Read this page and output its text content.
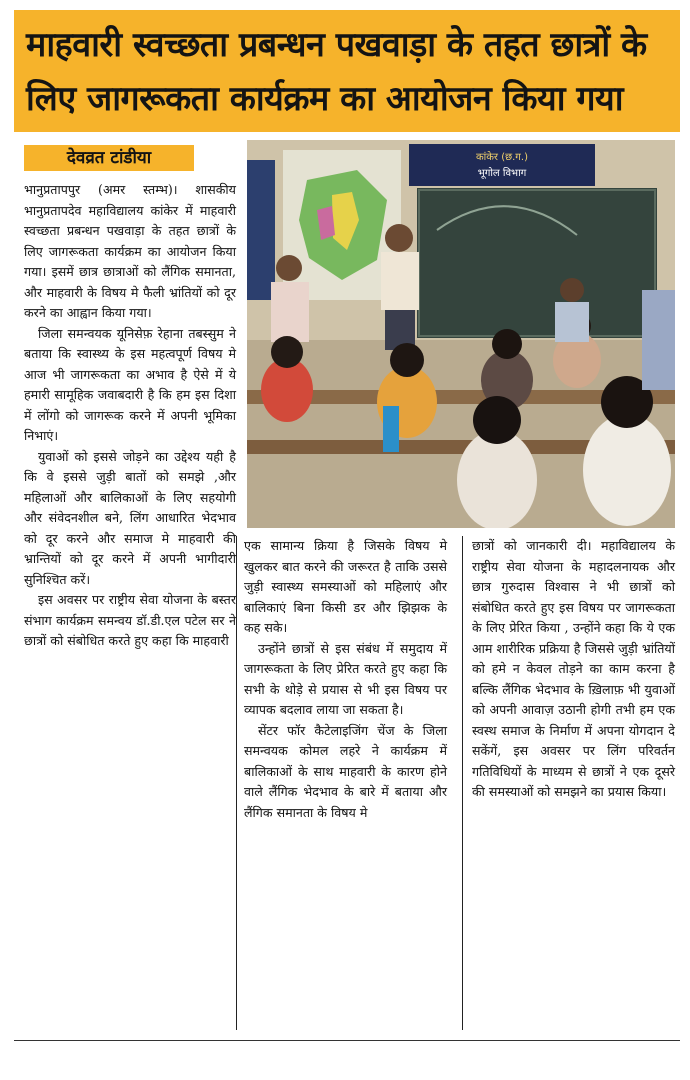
माहवारी स्वच्छता प्रबन्धन पखवाड़ा के तहत छात्रों के लिए जागरूकता कार्यक्रम का आयोजन किया गया
देवव्रत टांडीया	कांकेर (छ.ग.)
भूगोल विभाग

भानुप्रतापपुर (अमर स्तम्भ)। शासकीय भानुप्रतापदेव महाविद्यालय कांकेर में माहवारी स्वच्छता प्रबन्धन पखवाड़ा के तहत छात्रों के लिए जागरूकता कार्यक्रम का आयोजन किया गया। इसमें छात्र छात्राओं को लैंगिक समानता, और माहवारी के विषय मे फैली भ्रांतियों को दूर करने का आह्वान किया गया।

जिला समन्वयक यूनिसेफ़ रेहाना तबस्सुम ने बताया कि स्वास्थ्य के इस महत्वपूर्ण विषय मे आज भी जागरूकता का अभाव है ऐसे में ये हमारी सामूहिक जवाबदारी है कि हम इस दिशा में लोंगो को जागरूक करने में अपनी भूमिका निभाएं।

युवाओं को इससे जोड़ने का उद्देश्य यही है कि वे इससे जुड़ी बातों को समझे ,और महिलाओं और बालिकाओं के लिए सहयोगी और संवेदनशील बने, लिंग आधारित भेदभाव को दूर करने और समाज मे माहवारी की भ्रान्तियों को दूर करने में अपनी भागीदारी सुनिश्चित करें।

इस अवसर पर राष्ट्रीय सेवा योजना के बस्तर संभाग कार्यक्रम समन्वय डॉ.डी.एल पटेल सर ने छात्रों को संबोधित करते हुए कहा कि माहवारी

एक सामान्य क्रिया है जिसके विषय मे खुलकर बात करने की जरूरत है ताकि उससे जुड़ी स्वास्थ्य समस्याओं को महिलाएं और बालिकाएं बिना किसी डर और झिझक के कह सके।

उन्होंने छात्रों से इस संबंध में समुदाय में जागरूकता के लिए प्रेरित करते हुए कहा कि सभी के थोड़े से प्रयास से भी इस विषय पर व्यापक बदलाव लाया जा सकता है।

सेंटर फॉर कैटेलाइजिंग चेंज के जिला समन्वयक कोमल लहरे ने कार्यक्रम में बालिकाओं के साथ माहवारी के कारण होने वाले लैंगिक भेदभाव के बारे में बताया और लैंगिक समानता के विषय मे

छात्रों को जानकारी दी। महाविद्यालय के राष्ट्रीय सेवा योजना के महादलनायक और छात्र गुरुदास विश्वास ने भी छात्रों को संबोधित करते हुए इस विषय पर जागरूकता के लिए प्रेरित किया , उन्होंने कहा कि ये एक आम शारीरिक प्रक्रिया है जिससे जुड़ी भ्रांतियों को हमे न केवल तोड़ने का काम करना है बल्कि लैंगिक भेदभाव के ख़िलाफ़ भी युवाओं को अपनी आवाज़ उठानी होगी तभी हम एक स्वस्थ समाज के निर्माण में अपना योगदान दे सकेंगें, इस अवसर पर लिंग परिवर्तन गतिविधियों के माध्यम से छात्रों ने एक दूसरे की समस्याओं को समझने का प्रयास किया।
